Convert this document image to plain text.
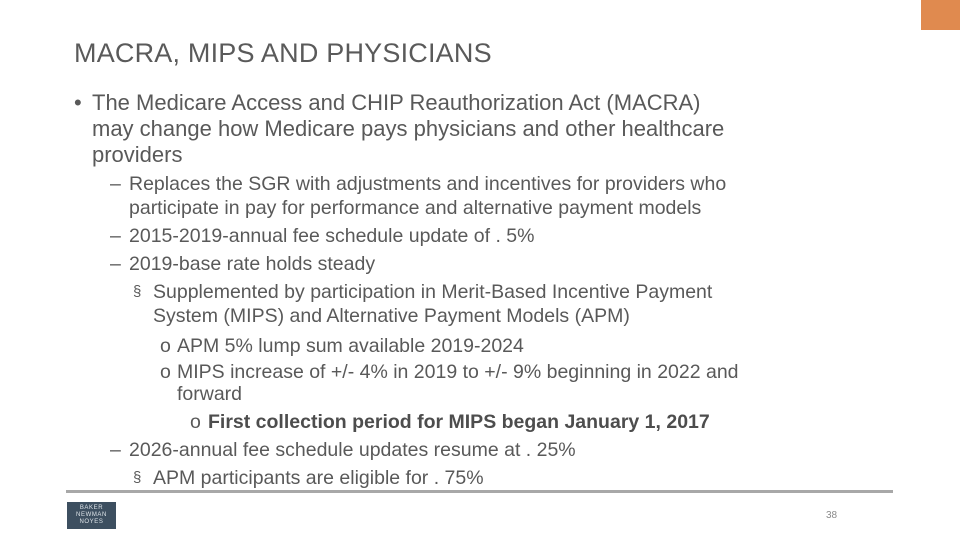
MACRA, MIPS AND PHYSICIANS
• The Medicare Access and CHIP Reauthorization Act (MACRA)
may change how Medicare pays physicians and other healthcare
providers
– Replaces the SGR with adjustments and incentives for providers who
participate in pay for performance and alternative payment models
– 2015-2019-annual fee schedule update of . 5%
– 2019-base rate holds steady
§ Supplemented by participation in Merit-Based Incentive Payment
System (MIPS) and Alternative Payment Models (APM)
o APM 5% lump sum available 2019-2024
o MIPS increase of +/- 4% in 2019 to +/- 9% beginning in 2022 and
forward
o First collection period for MIPS began January 1, 2017
– 2026-annual fee schedule updates resume at . 25%
§ APM participants are eligible for . 75%
BAKER
NEWMAN
NOYES
38
